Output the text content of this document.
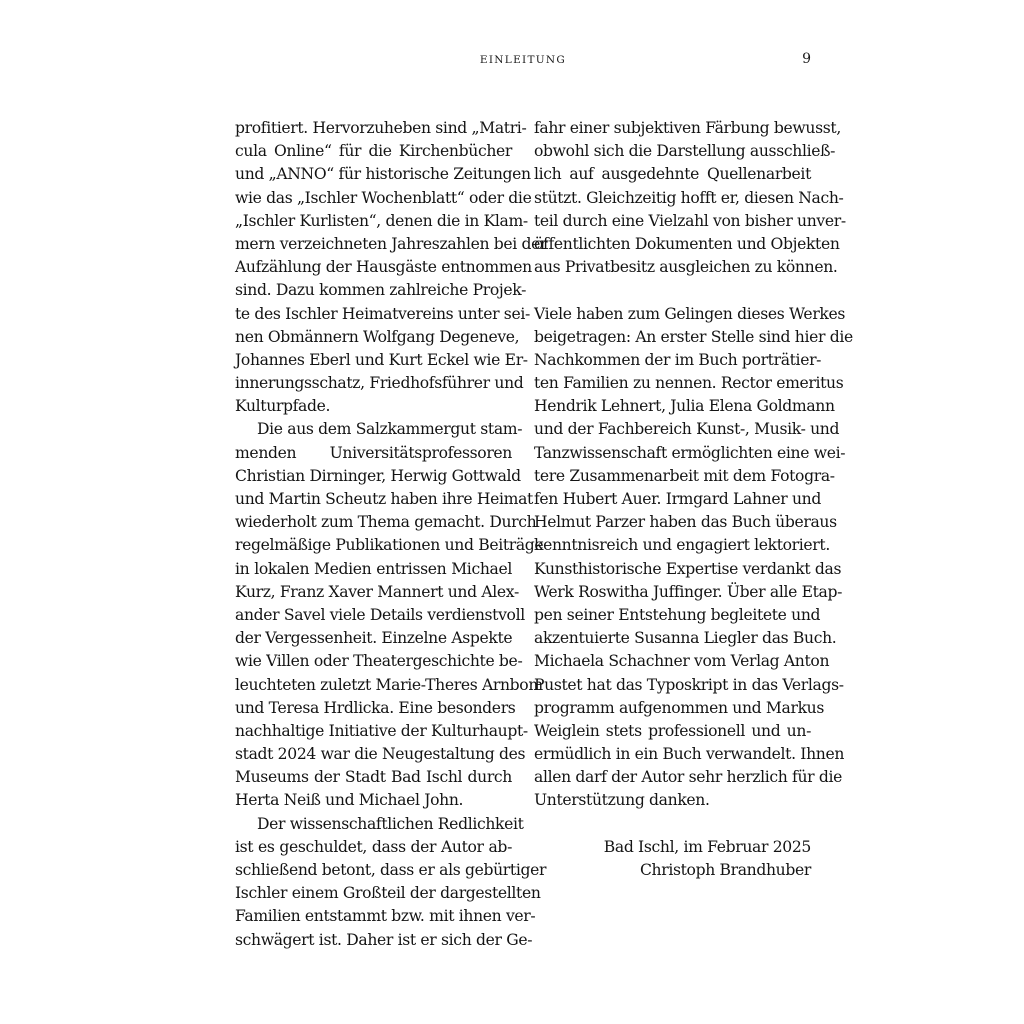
EINLEITUNG	9
profitiert. Hervorzuheben sind „Matri-
cula Online“ für die Kirchenbücher
und „ANNO“ für historische Zeitungen
wie das „Ischler Wochenblatt“ oder die
„Ischler Kurlisten“, denen die in Klam-
mern verzeichneten Jahreszahlen bei der
Aufzählung der Hausgäste entnommen
sind. Dazu kommen zahlreiche Projek-
te des Ischler Heimatvereins unter sei-
nen Obmännern Wolfgang Degeneve,
Johannes Eberl und Kurt Eckel wie Er-
innerungsschatz, Friedhofsführer und
Kulturpfade.
Die aus dem Salzkammergut stam-
menden Universitätsprofessoren
Christian Dirninger, Herwig Gottwald
und Martin Scheutz haben ihre Heimat
wiederholt zum Thema gemacht. Durch
regelmäßige Publikationen und Beiträge
in lokalen Medien entrissen Michael
Kurz, Franz Xaver Mannert und Alex-
ander Savel viele Details verdienstvoll
der Vergessenheit. Einzelne Aspekte
wie Villen oder Theatergeschichte be-
leuchteten zuletzt Marie-Theres Arnbom
und Teresa Hrdlicka. Eine besonders
nachhaltige Initiative der Kulturhaupt-
stadt 2024 war die Neugestaltung des
Museums der Stadt Bad Ischl durch
Herta Neiß und Michael John.
Der wissenschaftlichen Redlichkeit
ist es geschuldet, dass der Autor ab-
schließend betont, dass er als gebürtiger
Ischler einem Großteil der dargestellten
Familien entstammt bzw. mit ihnen ver-
schwägert ist. Daher ist er sich der Ge-
fahr einer subjektiven Färbung bewusst,
obwohl sich die Darstellung ausschließ-
lich auf ausgedehnte Quellenarbeit
stützt. Gleichzeitig hofft er, diesen Nach-
teil durch eine Vielzahl von bisher unver-
öffentlichten Dokumenten und Objekten
aus Privatbesitz ausgleichen zu können.
Viele haben zum Gelingen dieses Werkes
beigetragen: An erster Stelle sind hier die
Nachkommen der im Buch porträtier-
ten Familien zu nennen. Rector emeritus
Hendrik Lehnert, Julia Elena Goldmann
und der Fachbereich Kunst-, Musik- und
Tanzwissenschaft ermöglichten eine wei-
tere Zusammenarbeit mit dem Fotogra-
fen Hubert Auer. Irmgard Lahner und
Helmut Parzer haben das Buch überaus
kenntnisreich und engagiert lektoriert.
Kunsthistorische Expertise verdankt das
Werk Roswitha Juffinger. Über alle Etap-
pen seiner Entstehung begleitete und
akzentuierte Susanna Liegler das Buch.
Michaela Schachner vom Verlag Anton
Pustet hat das Typoskript in das Verlags-
programm aufgenommen und Markus
Weiglein stets professionell und un-
ermüdlich in ein Buch verwandelt. Ihnen
allen darf der Autor sehr herzlich für die
Unterstützung danken.
Bad Ischl, im Februar 2025
Christoph Brandhuber
